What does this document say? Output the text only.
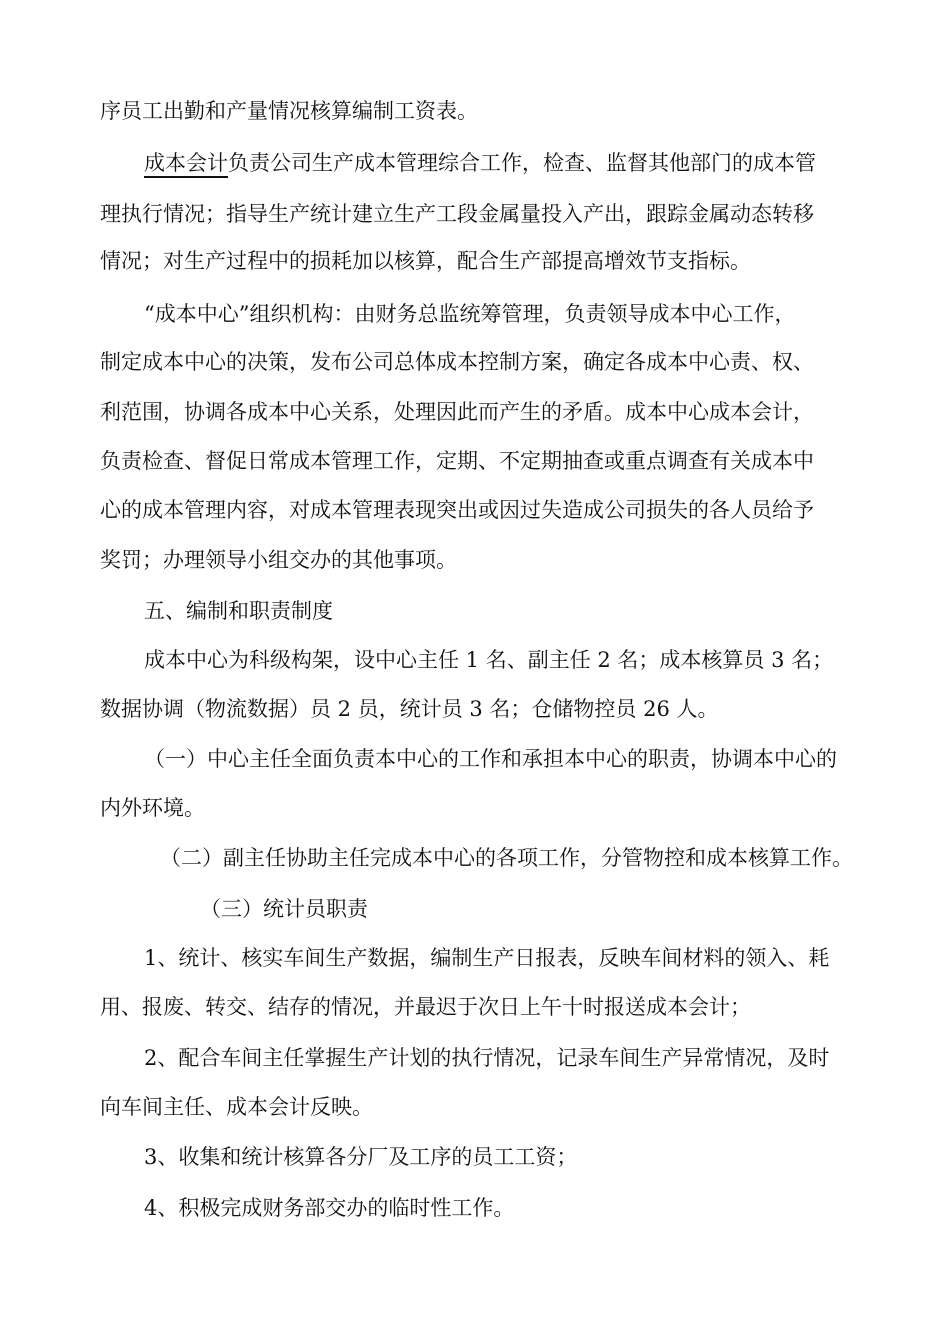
序员工出勤和产量情况核算编制工资表。
成本会计负责公司生产成本管理综合工作，检查、监督其他部门的成本管
理执行情况；指导生产统计建立生产工段金属量投入产出，跟踪金属动态转移
情况；对生产过程中的损耗加以核算，配合生产部提高增效节支指标。
“成本中心”组织机构：由财务总监统筹管理，负责领导成本中心工作，
制定成本中心的决策，发布公司总体成本控制方案，确定各成本中心责、权、
利范围，协调各成本中心关系，处理因此而产生的矛盾。成本中心成本会计，
负责检查、督促日常成本管理工作，定期、不定期抽查或重点调查有关成本中
心的成本管理内容，对成本管理表现突出或因过失造成公司损失的各人员给予
奖罚；办理领导小组交办的其他事项。
五、编制和职责制度
成本中心为科级构架，设中心主任 1 名、副主任 2 名；成本核算员 3 名；
数据协调（物流数据）员 2 员，统计员 3 名；仓储物控员 26 人。
（一）中心主任全面负责本中心的工作和承担本中心的职责，协调本中心的
内外环境。
（二）副主任协助主任完成本中心的各项工作，分管物控和成本核算工作。
（三）统计员职责
1、统计、核实车间生产数据，编制生产日报表，反映车间材料的领入、耗
用、报废、转交、结存的情况，并最迟于次日上午十时报送成本会计；
2、配合车间主任掌握生产计划的执行情况，记录车间生产异常情况，及时
向车间主任、成本会计反映。
3、收集和统计核算各分厂及工序的员工工资；
4、积极完成财务部交办的临时性工作。
